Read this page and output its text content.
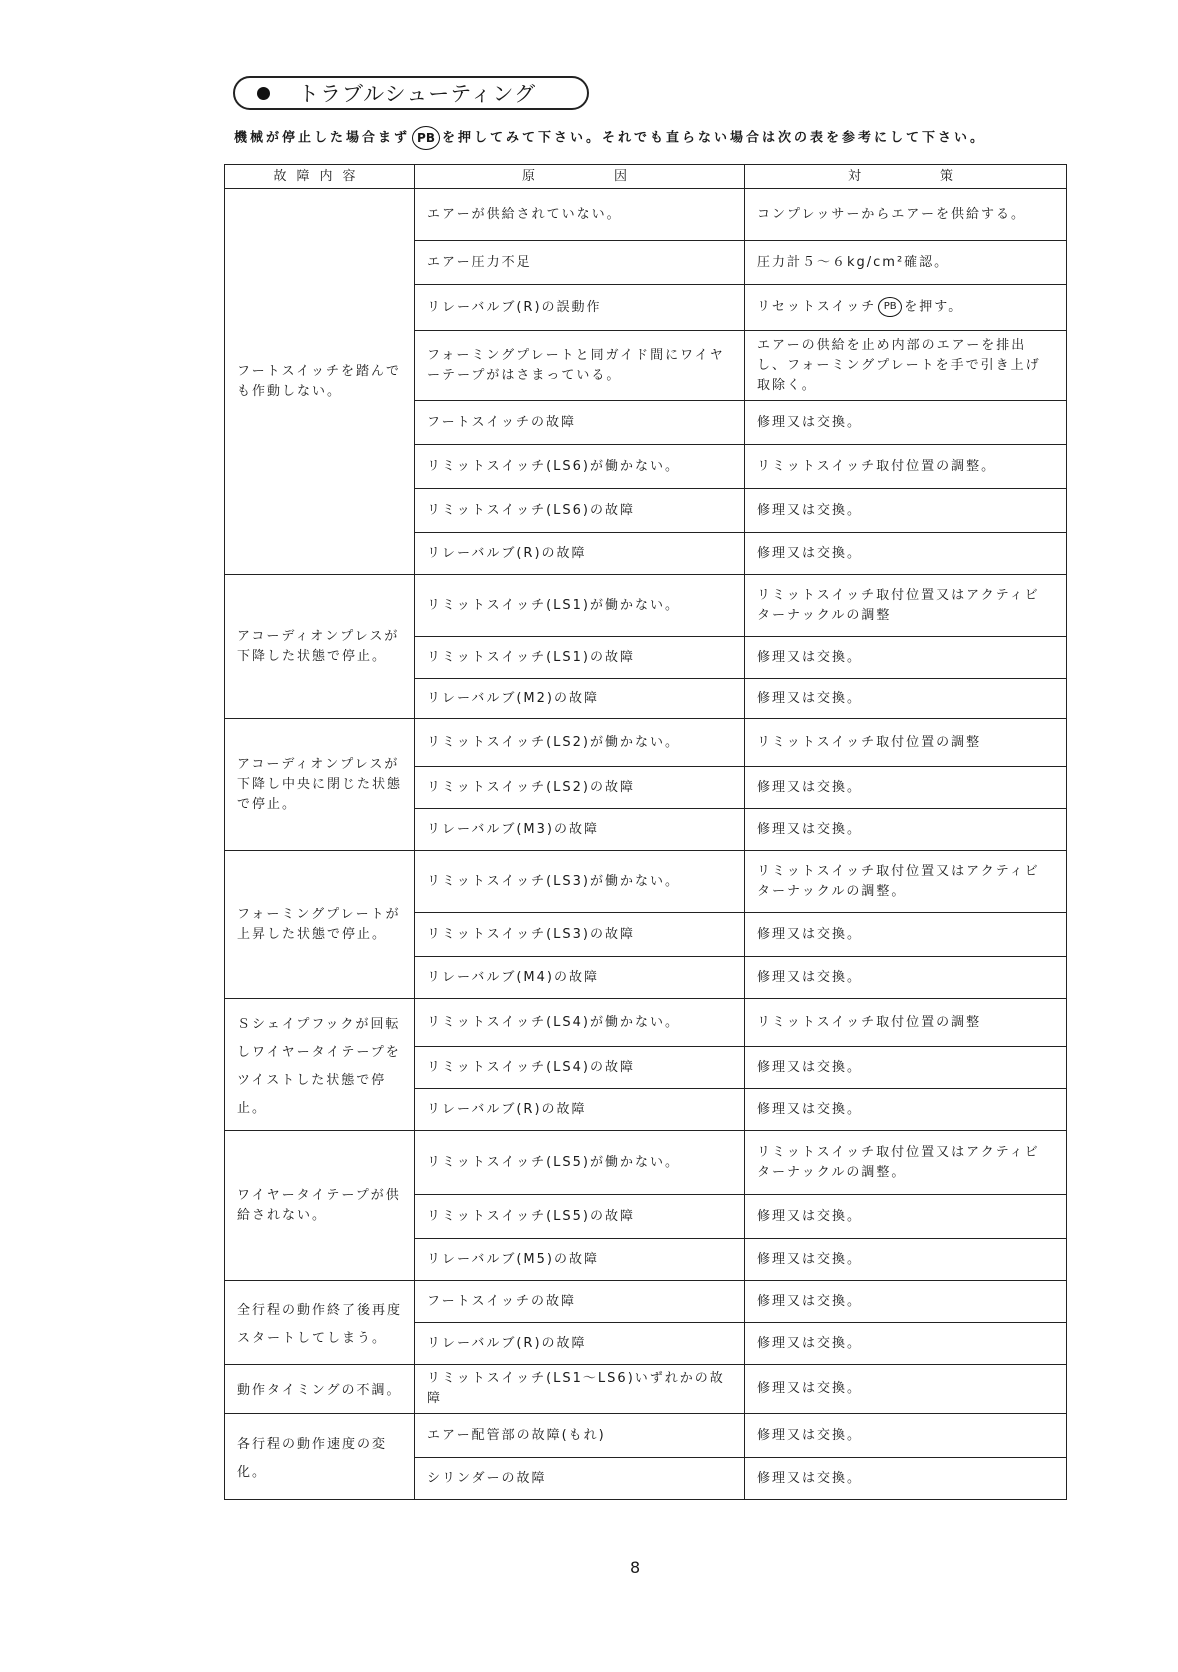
トラブルシューティング
機械が停止した場合まず PB を押してみて下さい。それでも直らない場合は次の表を参考にして下さい。
故障内容	原　　　因	対　　　策
フートスイッチを踏んでも作動しない。	エアーが供給されていない。	コンプレッサーからエアーを供給する。
	エアー圧力不足	圧力計５～６kg/cm²確認。
	リレーバルブ(R)の誤動作	リセットスイッチ PB を押す。
	フォーミングプレートと同ガイド間にワイヤーテープがはさまっている。	エアーの供給を止め内部のエアーを排出し、フォーミングプレートを手で引き上げ取除く。
	フートスイッチの故障	修理又は交換。
	リミットスイッチ(LS6)が働かない。	リミットスイッチ取付位置の調整。
	リミットスイッチ(LS6)の故障	修理又は交換。
	リレーバルブ(R)の故障	修理又は交換。
アコーディオンプレスが下降した状態で停止。	リミットスイッチ(LS1)が働かない。	リミットスイッチ取付位置又はアクティビターナックルの調整
	リミットスイッチ(LS1)の故障	修理又は交換。
	リレーバルブ(M2)の故障	修理又は交換。
アコーディオンプレスが下降し中央に閉じた状態で停止。	リミットスイッチ(LS2)が働かない。	リミットスイッチ取付位置の調整
	リミットスイッチ(LS2)の故障	修理又は交換。
	リレーバルブ(M3)の故障	修理又は交換。
フォーミングプレートが上昇した状態で停止。	リミットスイッチ(LS3)が働かない。	リミットスイッチ取付位置又はアクティビターナックルの調整。
	リミットスイッチ(LS3)の故障	修理又は交換。
	リレーバルブ(M4)の故障	修理又は交換。
Ｓシェイプフックが回転しワイヤータイテープをツイストした状態で停止。	リミットスイッチ(LS4)が働かない。	リミットスイッチ取付位置の調整
	リミットスイッチ(LS4)の故障	修理又は交換。
	リレーバルブ(R)の故障	修理又は交換。
ワイヤータイテープが供給されない。	リミットスイッチ(LS5)が働かない。	リミットスイッチ取付位置又はアクティビターナックルの調整。
	リミットスイッチ(LS5)の故障	修理又は交換。
	リレーバルブ(M5)の故障	修理又は交換。
全行程の動作終了後再度スタートしてしまう。	フートスイッチの故障	修理又は交換。
	リレーバルブ(R)の故障	修理又は交換。
動作タイミングの不調。	リミットスイッチ(LS1～LS6)いずれかの故障	修理又は交換。
各行程の動作速度の変化。	エアー配管部の故障(もれ)	修理又は交換。
	シリンダーの故障	修理又は交換。
8
